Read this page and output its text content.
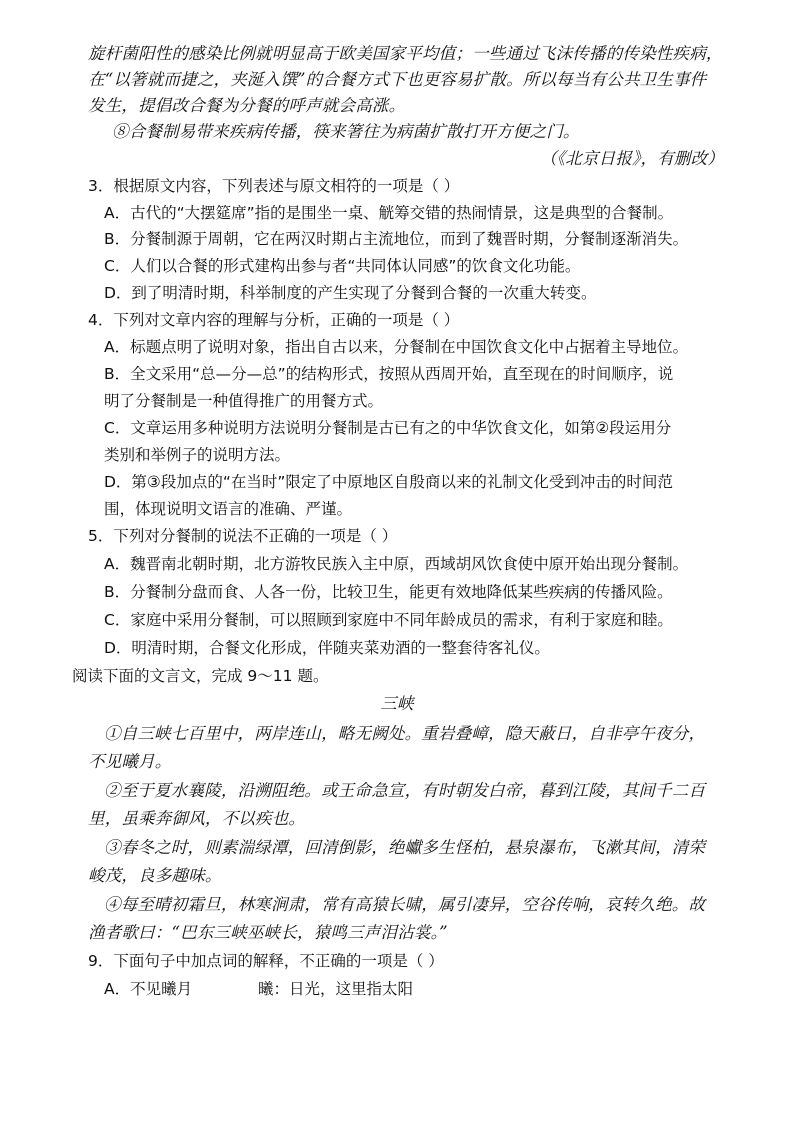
旋杆菌阳性的感染比例就明显高于欧美国家平均值；一些通过飞沫传播的传染性疾病，
在“以箸就而捷之，夹涎入馔”的合餐方式下也更容易扩散。所以每当有公共卫生事件
发生，提倡改合餐为分餐的呼声就会高涨。
⑧合餐制易带来疾病传播，筷来箸往为病菌扩散打开方便之门。
（《北京日报》，有删改）
3．根据原文内容，下列表述与原文相符的一项是（ ）
A．古代的“大摆筵席”指的是围坐一桌、觥筹交错的热闹情景，这是典型的合餐制。
B．分餐制源于周朝，它在两汉时期占主流地位，而到了魏晋时期，分餐制逐渐消失。
C．人们以合餐的形式建构出参与者“共同体认同感”的饮食文化功能。
D．到了明清时期，科举制度的产生实现了分餐到合餐的一次重大转变。
4．下列对文章内容的理解与分析，正确的一项是（ ）
A．标题点明了说明对象，指出自古以来，分餐制在中国饮食文化中占据着主导地位。
B．全文采用“总—分—总”的结构形式，按照从西周开始，直至现在的时间顺序，说
明了分餐制是一种值得推广的用餐方式。
C．文章运用多种说明方法说明分餐制是古已有之的中华饮食文化，如第②段运用分
类别和举例子的说明方法。
D．第③段加点的“在当时”限定了中原地区自殷商以来的礼制文化受到冲击的时间范
围，体现说明文语言的准确、严谨。
5．下列对分餐制的说法不正确的一项是（ ）
A．魏晋南北朝时期，北方游牧民族入主中原，西域胡风饮食使中原开始出现分餐制。
B．分餐制分盘而食、人各一份，比较卫生，能更有效地降低某些疾病的传播风险。
C．家庭中采用分餐制，可以照顾到家庭中不同年龄成员的需求，有利于家庭和睦。
D．明清时期，合餐文化形成，伴随夹菜劝酒的一整套待客礼仪。
阅读下面的文言文，完成 9～11 题。
三峡
①自三峡七百里中，两岸连山，略无阙处。重岩叠嶂，隐天蔽日，自非亭午夜分，
不见曦月。
②至于夏水襄陵，沿溯阻绝。或王命急宣，有时朝发白帝，暮到江陵，其间千二百
里，虽乘奔御风，不以疾也。
③春冬之时，则素湍绿潭，回清倒影，绝巘多生怪柏，悬泉瀑布，飞漱其间，清荣
峻茂，良多趣味。
④每至晴初霜旦，林寒涧肃，常有高猿长啸，属引凄异，空谷传响，哀转久绝。故
渔者歌曰：“巴东三峡巫峡长，猿鸣三声泪沾裳。”
9．下面句子中加点词的解释，不正确的一项是（ ）
A．不见曦月	曦：日光，这里指太阳
